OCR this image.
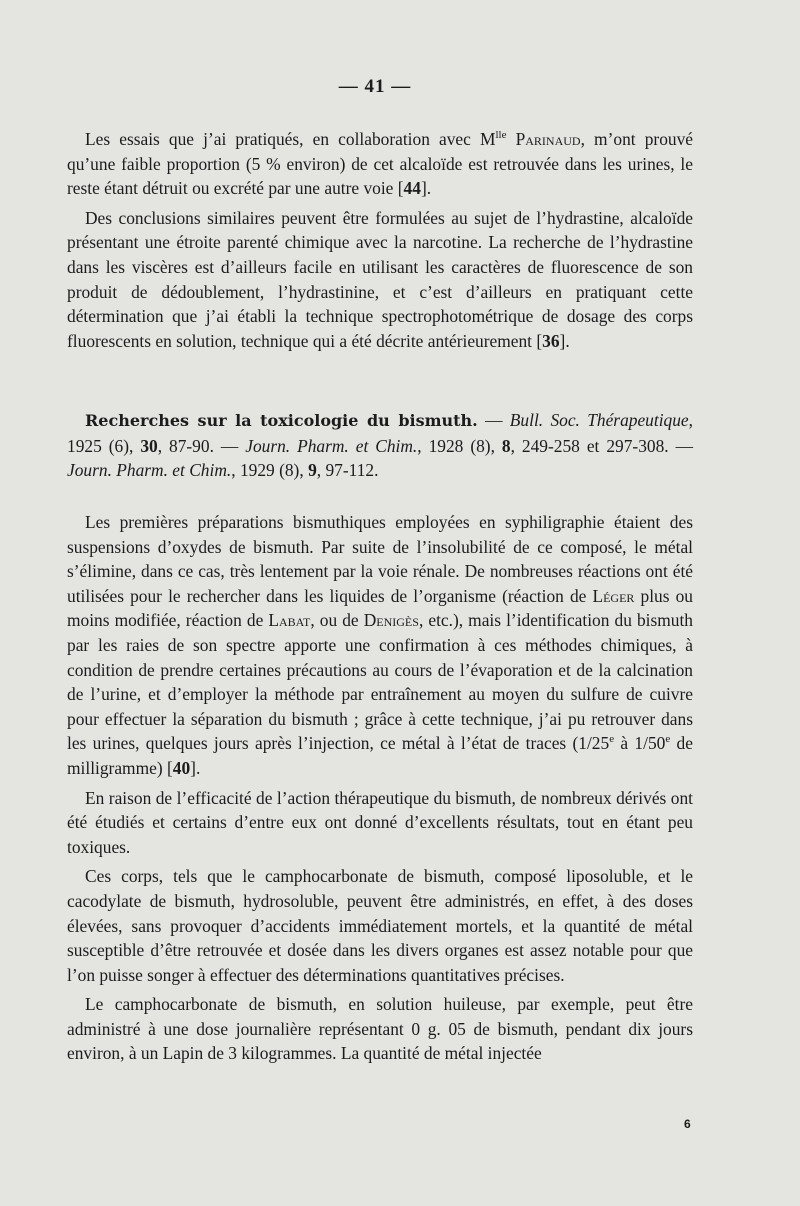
— 41 —

Les essais que j’ai pratiqués, en collaboration avec $M^{lle}$ Parinaud, m’ont prouvé qu’une faible proportion (5 % environ) de cet alcaloïde est retrouvée dans les urines, le reste étant détruit ou excrété par une autre voie [44].

Des conclusions similaires peuvent être formulées au sujet de l’hydrastine, alcaloïde présentant une étroite parenté chimique avec la narcotine. La recherche de l’hydrastine dans les viscères est d’ailleurs facile en utilisant les caractères de fluorescence de son produit de dédoublement, l’hydrastinine, et c’est d’ailleurs en pratiquant cette détermination que j’ai établi la technique spectrophotométrique de dosage des corps fluorescents en solution, technique qui a été décrite antérieurement [36].

Recherches sur la toxicologie du bismuth. — Bull. Soc. Thérapeutique, 1925 (6), 30, 87-90. — Journ. Pharm. et Chim., 1928 (8), 8, 249-258 et 297-308. — Journ. Pharm. et Chim., 1929 (8), 9, 97-112.

Les premières préparations bismuthiques employées en syphiligraphie étaient des suspensions d’oxydes de bismuth. Par suite de l’insolubilité de ce composé, le métal s’élimine, dans ce cas, très lentement par la voie rénale. De nombreuses réactions ont été utilisées pour le rechercher dans les liquides de l’organisme (réaction de Léger plus ou moins modifiée, réaction de Labat, ou de Denigès, etc.), mais l’identification du bismuth par les raies de son spectre apporte une confirmation à ces méthodes chimiques, à condition de prendre certaines précautions au cours de l’évaporation et de la calcination de l’urine, et d’employer la méthode par entraînement au moyen du sulfure de cuivre pour effectuer la séparation du bismuth ; grâce à cette technique, j’ai pu retrouver dans les urines, quelques jours après l’injection, ce métal à l’état de traces (1/25e à 1/50e de milligramme) [40].

En raison de l’efficacité de l’action thérapeutique du bismuth, de nombreux dérivés ont été étudiés et certains d’entre eux ont donné d’excellents résultats, tout en étant peu toxiques.

Ces corps, tels que le camphocarbonate de bismuth, composé liposoluble, et le cacodylate de bismuth, hydrosoluble, peuvent être administrés, en effet, à des doses élevées, sans provoquer d’accidents immédiatement mortels, et la quantité de métal susceptible d’être retrouvée et dosée dans les divers organes est assez notable pour que l’on puisse songer à effectuer des déterminations quantitatives précises.

Le camphocarbonate de bismuth, en solution huileuse, par exemple, peut être administré à une dose journalière représentant 0 g. 05 de bismuth, pendant dix jours environ, à un Lapin de 3 kilogrammes. La quantité de métal injectée

6
